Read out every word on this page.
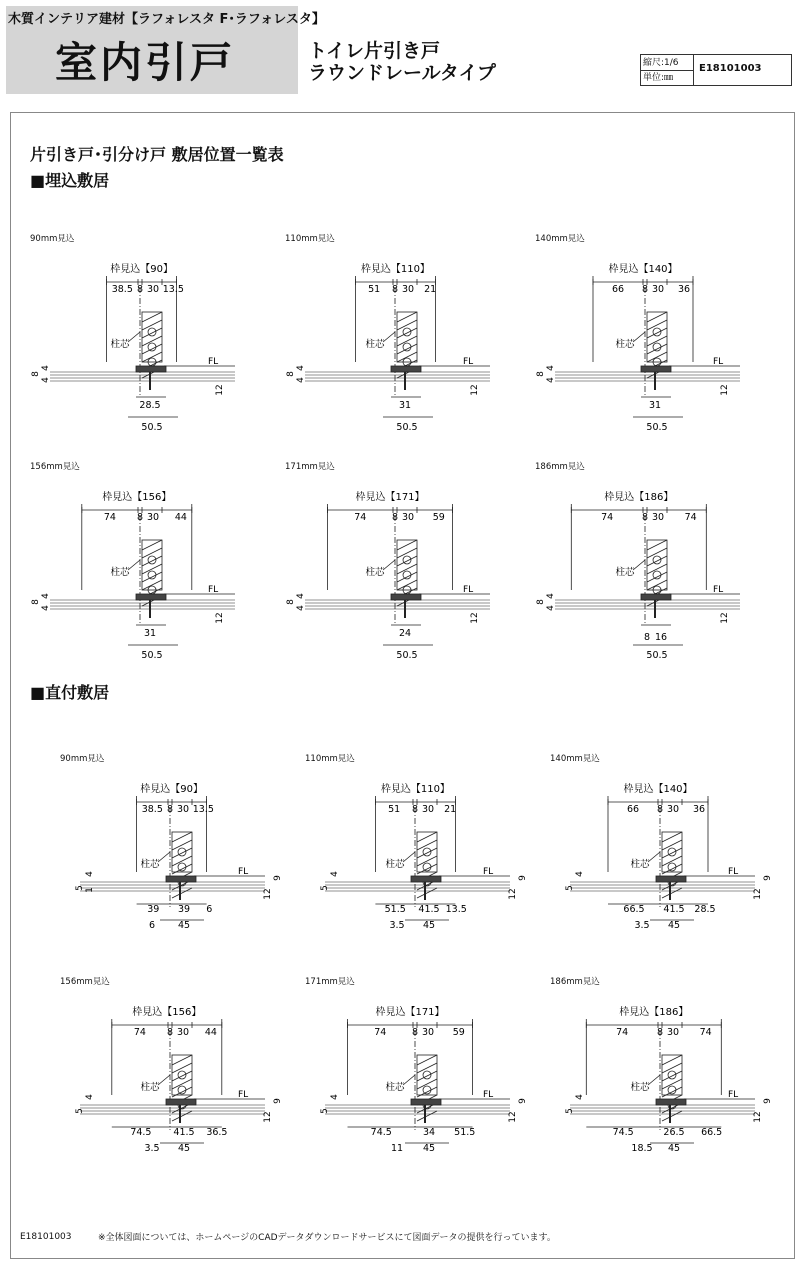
木質インテリア建材【ラフォレスタ F･ラフォレスタ】
室内引戸	トイレ片引き戸
ラウンドレールタイプ	縮尺:1/6
単位:㎜
E18101003
片引き戸･引分け戸 敷居位置一覧表
■埋込敷居
■直付敷居
90mm見込
枠見込【90】
38.5 8 30 13.5
柱芯
FL
8
4
4
12
28.5
50.5
110mm見込
枠見込【110】
51 8 30 21
柱芯
FL
8
4
4
12
31
50.5
140mm見込
枠見込【140】
66 8 30 36
柱芯
FL
8
4
4
12
31
50.5
156mm見込
枠見込【156】
74 8 30 44
柱芯
FL
8
4
4
12
31
50.5
171mm見込
枠見込【171】
74	8 30 59
柱芯
FL
8
4
4
12
24
50.5
186mm見込
枠見込【186】
74	8 30 74
柱芯
FL
8
4
4
12
8 16
50.5
90mm見込
枠見込【90】
38.5 8 30 13.5
柱芯
FL
4
5 1
9
12
39 39 6
6 45
110mm見込
枠見込【110】
51 8 30 21
柱芯
FL
4
5
9
12
51.5 41.5 13.5
3.5 45
140mm見込
枠見込【140】
66 8 30 36
柱芯
FL
4
5
9
12
66.5 41.5 28.5
3.5 45
156mm見込
枠見込【156】
74 8 30 44
柱芯
FL
4
5
9
12
74.5 41.5 36.5
3.5 45
171mm見込
枠見込【171】
74	8 30 59
柱芯
FL
4
5
9
12
74.5	34 51.5
11 45
186mm見込
枠見込【186】
74	8 30 74
柱芯
FL
4
5
9
12
74.5	26.5 66.5
18.5 45
E18101003	※全体図面については、ホームページのCADデータダウンロードサービスにて図面データの提供を行っています。
